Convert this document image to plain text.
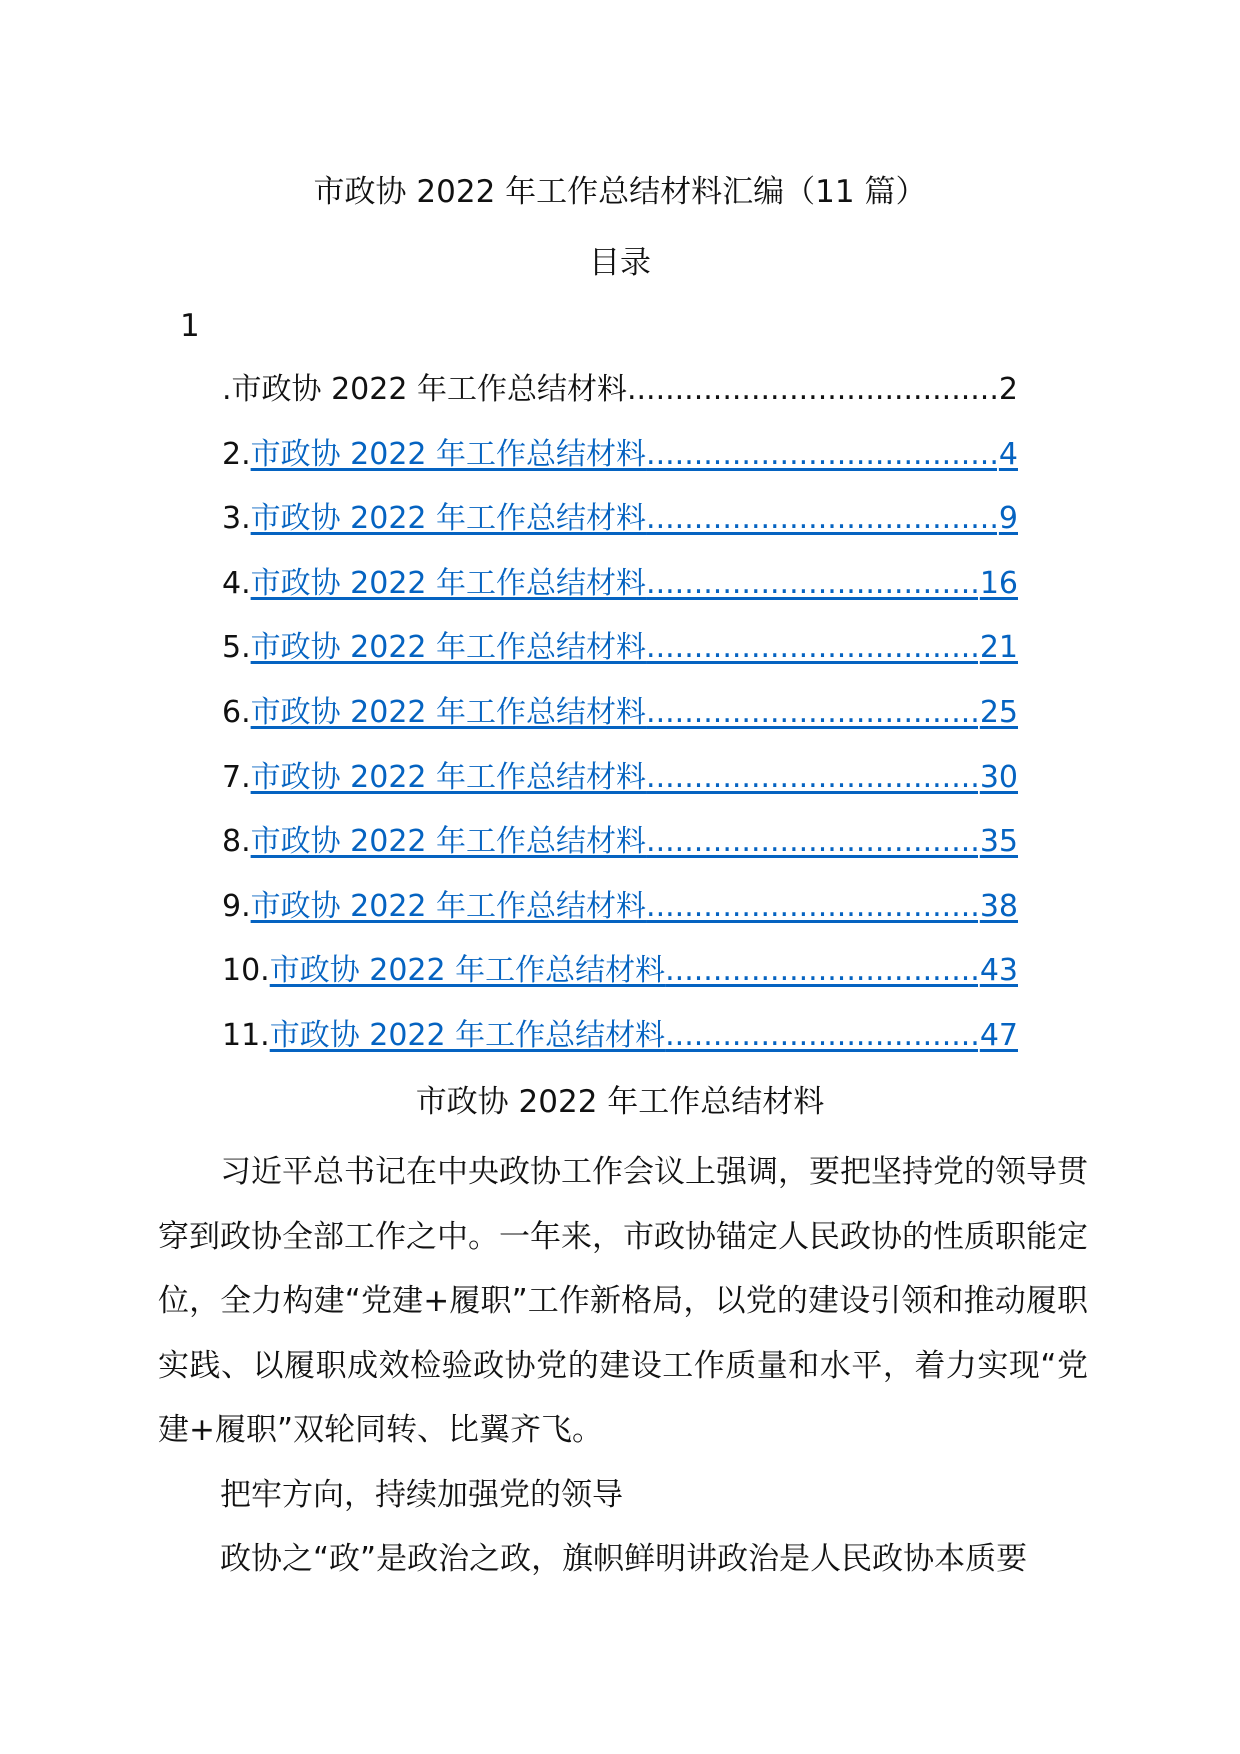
市政协 2022 年工作总结材料汇编（11 篇）
目录
1
.市政协 2022 年工作总结材料 .....	2
2. 市政协 2022 年工作总结材料 .....	4
3. 市政协 2022 年工作总结材料 .....	9
4. 市政协 2022 年工作总结材料 .....	16
5. 市政协 2022 年工作总结材料 .....	21
6. 市政协 2022 年工作总结材料 .....	25
7. 市政协 2022 年工作总结材料 .....	30
8. 市政协 2022 年工作总结材料 .....	35
9. 市政协 2022 年工作总结材料 .....	38
10. 市政协 2022 年工作总结材料 .....	43
11. 市政协 2022 年工作总结材料 .....	47
市政协 2022 年工作总结材料

习近平总书记在中央政协工作会议上强调，要把坚持党的领导贯穿到政协全部工作之中。一年来，市政协锚定人民政协的性质职能定位，全力构建“党建+履职”工作新格局，以党的建设引领和推动履职实践、以履职成效检验政协党的建设工作质量和水平，着力实现“党建+履职”双轮同转、比翼齐飞。

把牢方向，持续加强党的领导

政协之“政”是政治之政，旗帜鲜明讲政治是人民政协本质要
